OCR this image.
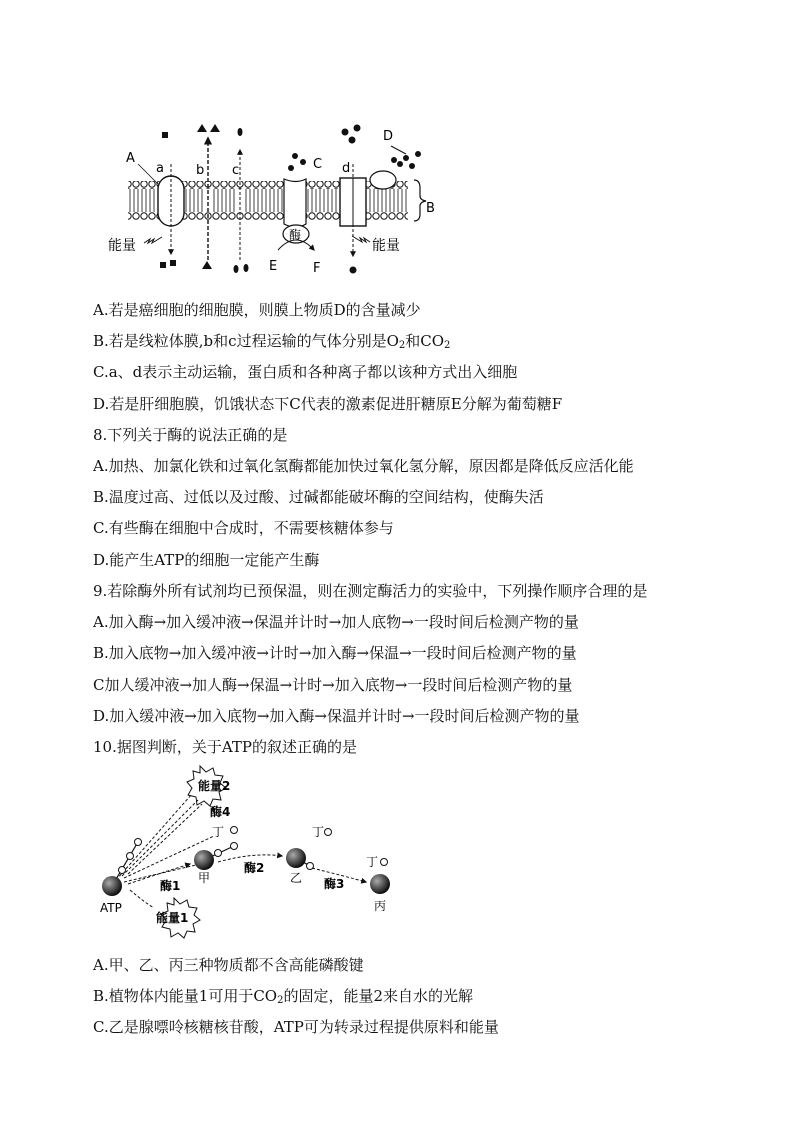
A
a b c	C d
D
B
酶
E	F
能量	能量
A.若是癌细胞的细胞膜，则膜上物质D的含量减少
B.若是线粒体膜,b和c过程运输的气体分别是$O_2$和$CO_2$
C.a、d表示主动运输，蛋白质和各种离子都以该种方式出入细胞
D.若是肝细胞膜，饥饿状态下C代表的激素促进肝糖原E分解为葡萄糖F
8.下列关于酶的说法正确的是
A.加热、加氯化铁和过氧化氢酶都能加快过氧化氢分解，原因都是降低反应活化能
B.温度过高、过低以及过酸、过碱都能破坏酶的空间结构，使酶失活
C.有些酶在细胞中合成时，不需要核糖体参与
D.能产生ATP的细胞一定能产生酶
9.若除酶外所有试剂均已预保温，则在测定酶活力的实验中，下列操作顺序合理的是
A.加入酶→加入缓冲液→保温并计时→加人底物→一段时间后检测产物的量
B.加入底物→加入缓冲液→计时→加入酶→保温→一段时间后检测产物的量
C加人缓冲液→加人酶→保温→计时→加入底物→一段时间后检测产物的量
D.加入缓冲液→加入底物→加入酶→保温并计时→一段时间后检测产物的量
10.据图判断，关于ATP的叙述正确的是
能量2
酶4
ATP
甲
丁
酶1
乙
丁
酶2
丙
丁
酶3
能量1
A.甲、乙、丙三种物质都不含高能磷酸键
B.植物体内能量1可用于$CO_2$的固定，能量2来自水的光解
C.乙是腺嘌呤核糖核苷酸，ATP可为转录过程提供原料和能量
